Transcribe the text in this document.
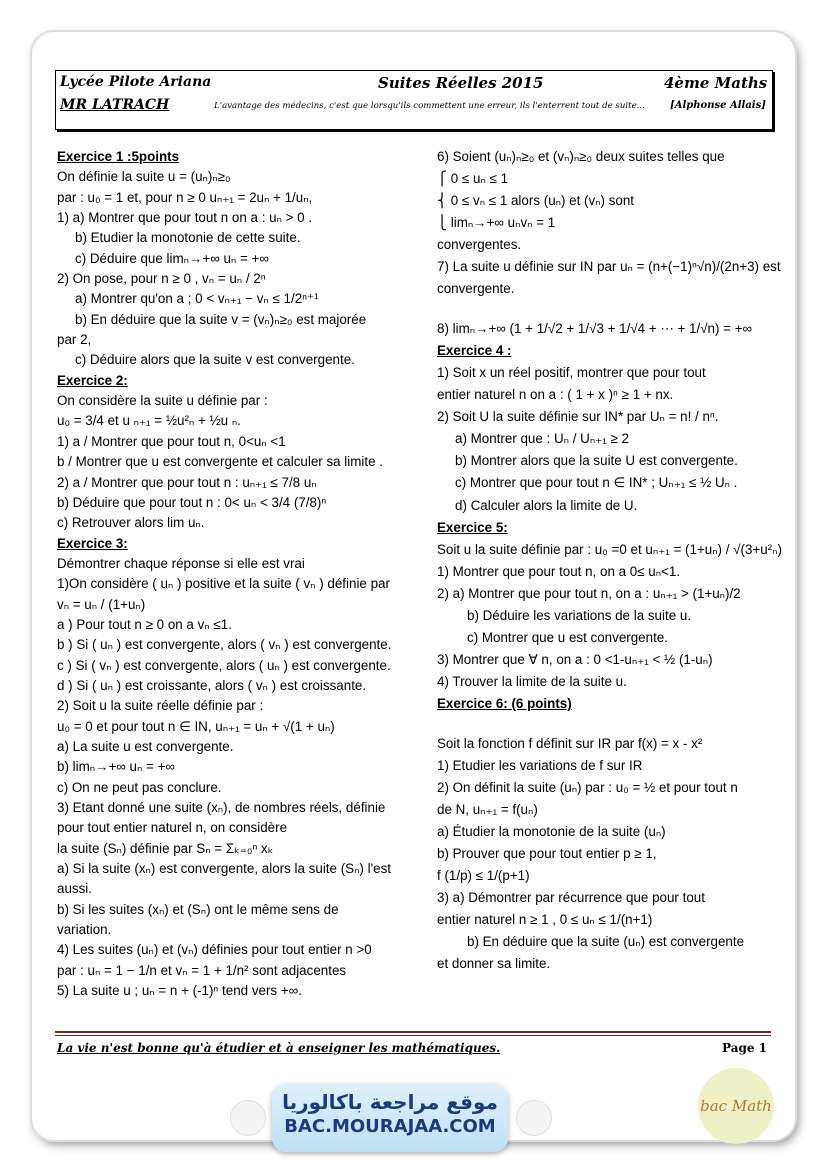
Lycée Pilote Ariana
MR LATRACH
Suites Réelles 2015	4ème Maths
L'avantage des médecins, c'est que lorsqu'ils commettent une erreur, ils l'enterrent tout de suite...	[Alphonse Allais]

Exercice 1 :5points

On définie la suite u = (uₙ)ₙ≥₀

par : u₀ = 1 et, pour n ≥ 0 uₙ₊₁ = 2uₙ + 1/uₙ,

1) a) Montrer que pour tout n on a : uₙ > 0 .

b) Etudier la monotonie de cette suite.

c) Déduire que limₙ→+∞ uₙ = +∞

2) On pose, pour n ≥ 0 , vₙ = uₙ / 2ⁿ

a) Montrer qu'on a ; 0 < vₙ₊₁ − vₙ ≤ 1/2ⁿ⁺¹

b) En déduire que la suite v = (vₙ)ₙ≥₀ est majorée

par 2,

c) Déduire alors que la suite v est convergente.

Exercice 2:

On considère la suite u définie par :

u₀ = 3/4 et u ₙ₊₁ = ½u²ₙ + ½u ₙ.

1) a / Montrer que pour tout n, 0<uₙ <1

b / Montrer que u est convergente et calculer sa limite .

2) a / Montrer que pour tout n : uₙ₊₁ ≤ 7/8 uₙ

b) Déduire que pour tout n : 0< uₙ < 3/4 (7/8)ⁿ

c) Retrouver alors lim uₙ.

Exercice 3:

Démontrer chaque réponse si elle est vrai

1)On considère ( uₙ ) positive et la suite ( vₙ ) définie par

vₙ = uₙ / (1+uₙ)

a ) Pour tout n ≥ 0 on a vₙ ≤1.

b ) Si ( uₙ ) est convergente, alors ( vₙ ) est convergente.

c ) Si ( vₙ ) est convergente, alors ( uₙ ) est convergente.

d ) Si ( uₙ ) est croissante, alors ( vₙ ) est croissante.

2) Soit u la suite réelle définie par :

u₀ = 0 et pour tout n ∈ IN, uₙ₊₁ = uₙ + √(1 + uₙ)

a) La suite u est convergente.

b) limₙ→+∞ uₙ = +∞

c) On ne peut pas conclure.

3) Etant donné une suite (xₙ), de nombres réels, définie

pour tout entier naturel n, on considère

la suite (Sₙ) définie par Sₙ = Σₖ₌₀ⁿ xₖ

a) Si la suite (xₙ) est convergente, alors la suite (Sₙ) l'est

aussi.

b) Si les suites (xₙ) et (Sₙ) ont le même sens de

variation.

4) Les suites (uₙ) et (vₙ) définies pour tout entier n >0

par : uₙ = 1 − 1/n et vₙ = 1 + 1/n² sont adjacentes

5) La suite u ; uₙ = n + (-1)ⁿ tend vers +∞.

6) Soient (uₙ)ₙ≥₀ et (vₙ)ₙ≥₀ deux suites telles que

⎧ 0 ≤ uₙ ≤ 1

⎨ 0 ≤ vₙ ≤ 1 alors (uₙ) et (vₙ) sont

⎩ limₙ→+∞ uₙvₙ = 1

convergentes.

7) La suite u définie sur IN par uₙ = (n+(−1)ⁿ√n)/(2n+3) est

convergente.

8) limₙ→+∞ (1 + 1/√2 + 1/√3 + 1/√4 + ⋯ + 1/√n) = +∞

Exercice 4 :

1) Soit x un réel positif, montrer que pour tout

entier naturel n on a : ( 1 + x )ⁿ ≥ 1 + nx.

2) Soit U la suite définie sur IN* par Uₙ = n! / nⁿ.

a) Montrer que : Uₙ / Uₙ₊₁ ≥ 2

b) Montrer alors que la suite U est convergente.

c) Montrer que pour tout n ∈ IN* ; Uₙ₊₁ ≤ ½ Uₙ .

d) Calculer alors la limite de U.

Exercice 5:

Soit u la suite définie par : u₀ =0 et uₙ₊₁ = (1+uₙ) / √(3+u²ₙ)

1) Montrer que pour tout n, on a 0≤ uₙ<1.

2) a) Montrer que pour tout n, on a : uₙ₊₁ > (1+uₙ)/2

b) Déduire les variations de la suite u.

c) Montrer que u est convergente.

3) Montrer que ∀ n, on a : 0 <1-uₙ₊₁ < ½ (1-uₙ)

4) Trouver la limite de la suite u.

Exercice 6: (6 points)

Soit la fonction f définit sur IR par f(x) = x - x²

1) Etudier les variations de f sur IR

2) On définit la suite (uₙ) par : u₀ = ½ et pour tout n

de N, uₙ₊₁ = f(uₙ)

a) Étudier la monotonie de la suite (uₙ)

b) Prouver que pour tout entier p ≥ 1,

f (1/p) ≤ 1/(p+1)

3) a) Démontrer par récurrence que pour tout

entier naturel n ≥ 1 , 0 ≤ uₙ ≤ 1/(n+1)

b) En déduire que la suite (uₙ) est convergente

et donner sa limite.

La vie n'est bonne qu'à étudier et à enseigner les mathématiques.	Page 1
موقع مراجعة باكالوريا
BAC.MOURAJAA.COM
bac Math
